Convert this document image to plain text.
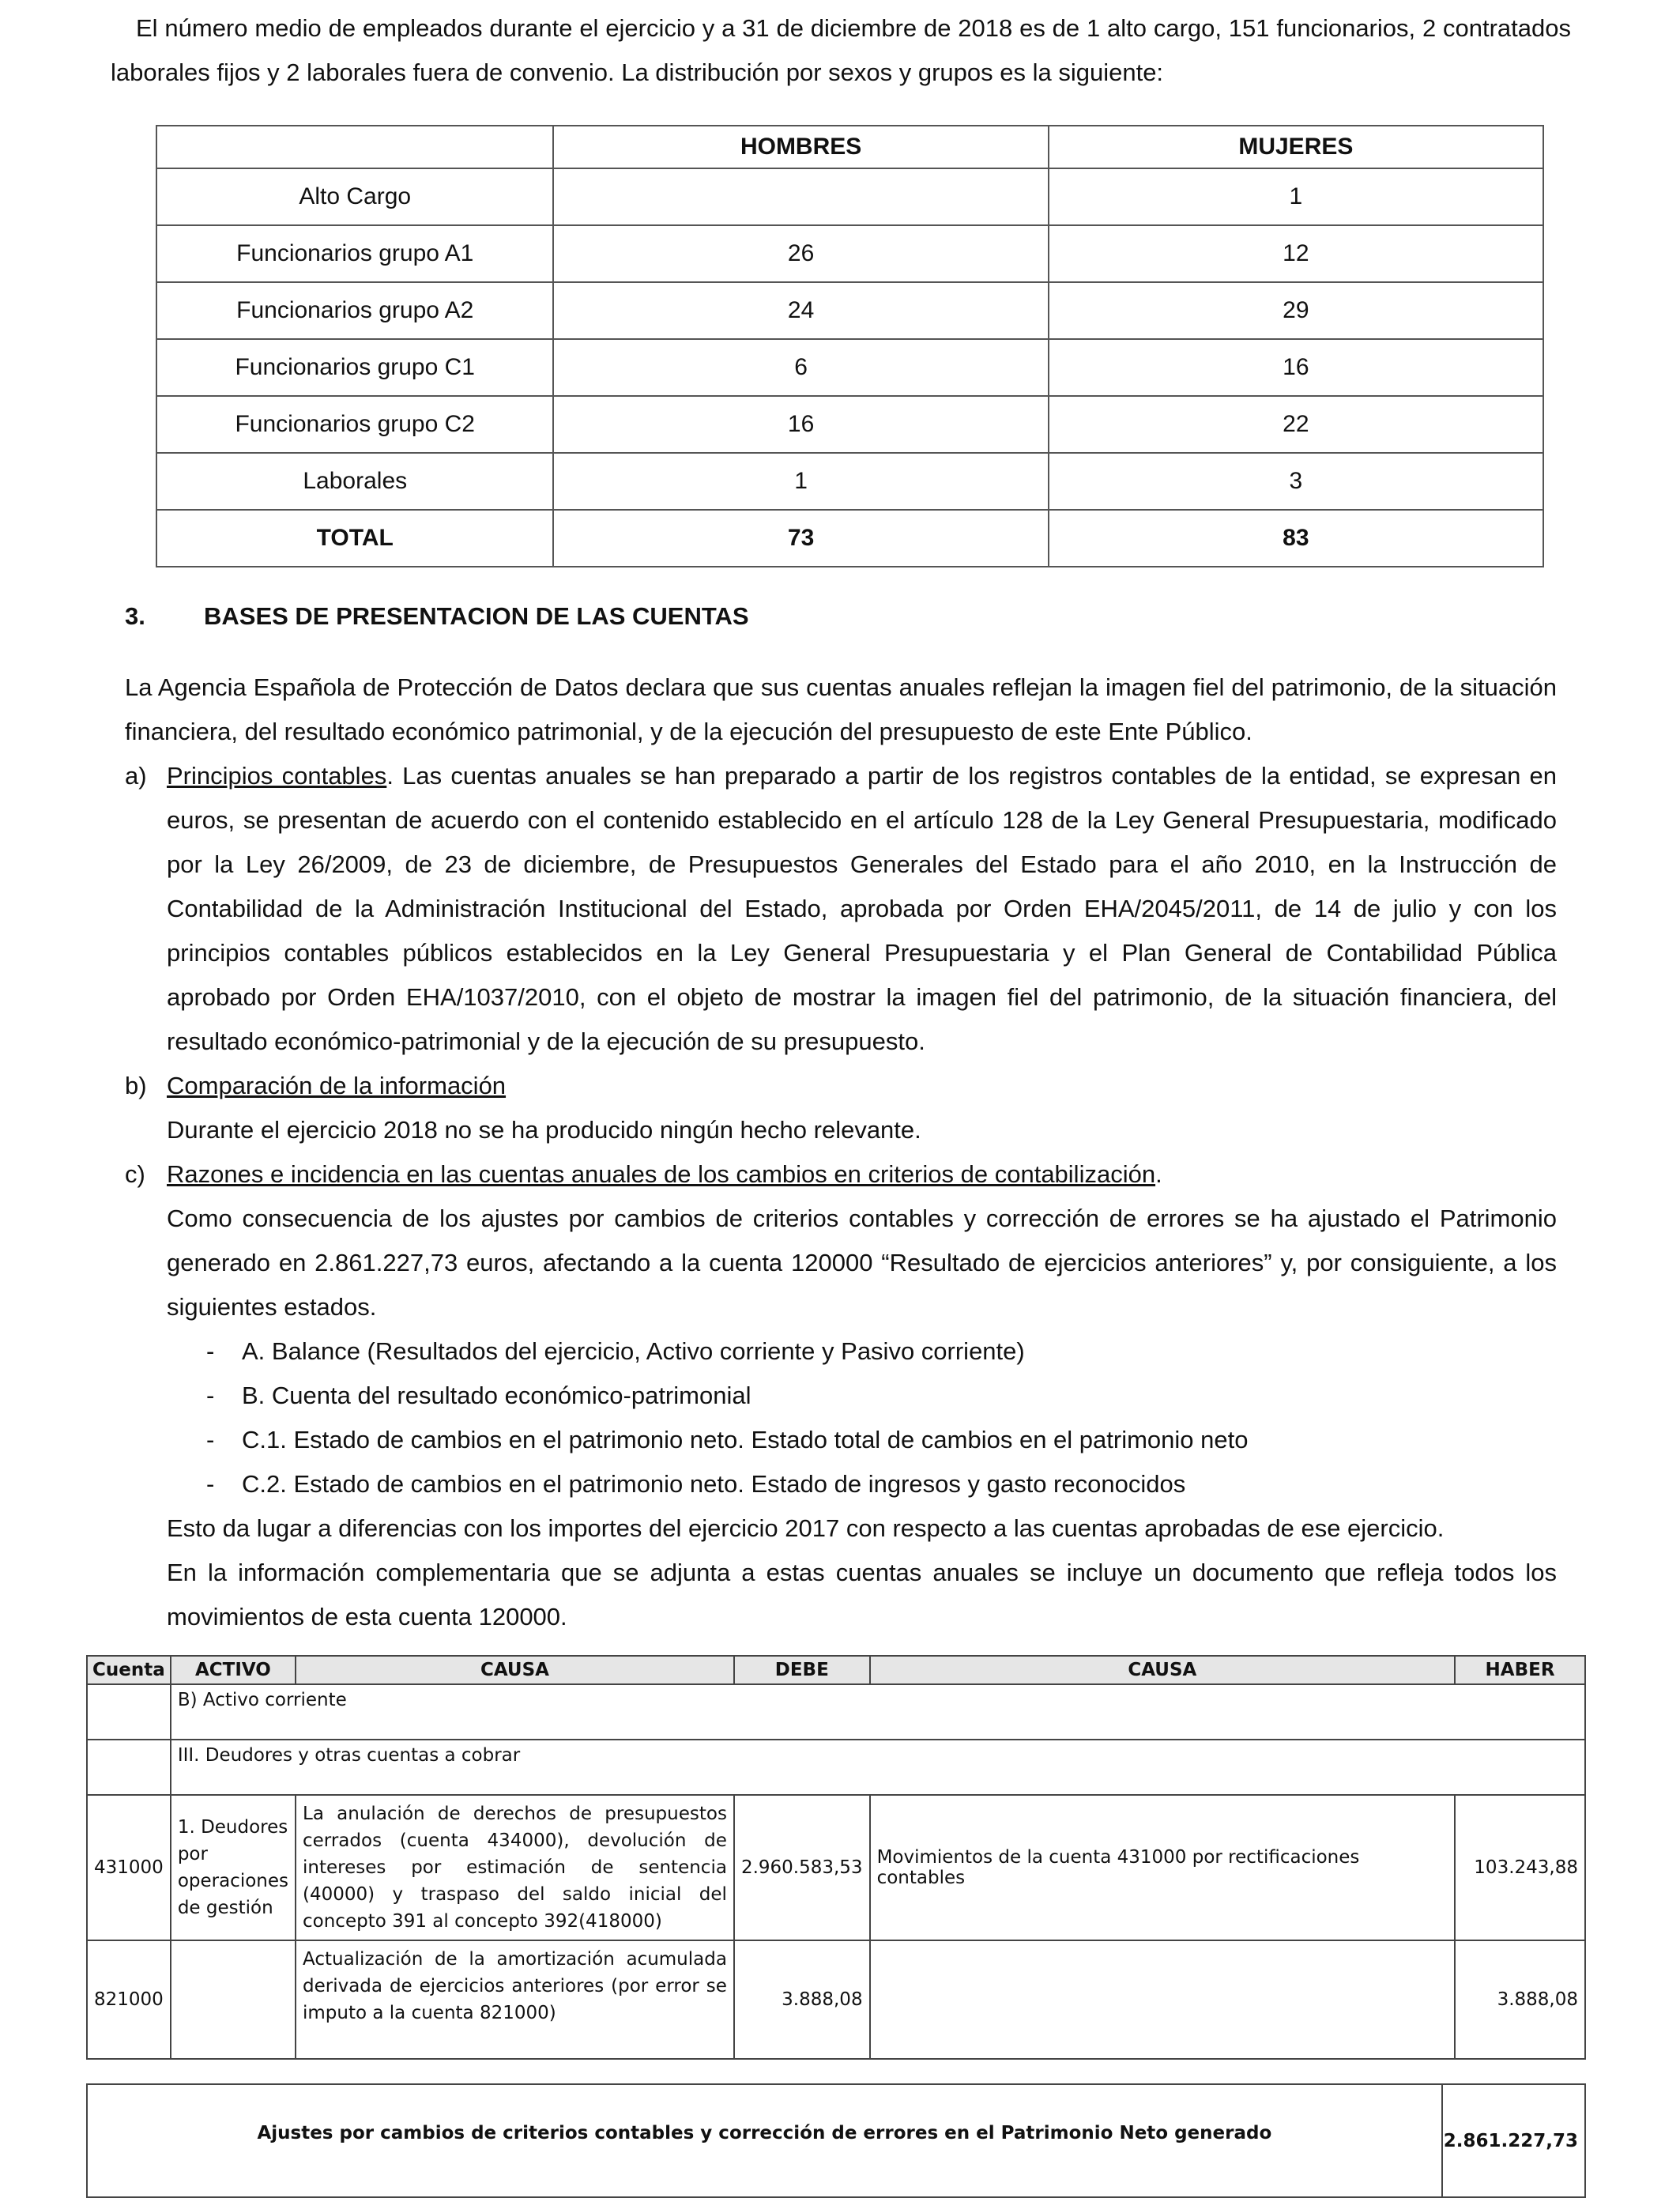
El número medio de empleados durante el ejercicio y a 31 de diciembre de 2018 es de 1 alto cargo, 151 funcionarios, 2 contratados laborales fijos y 2 laborales fuera de convenio. La distribución por sexos y grupos es la siguiente:

	HOMBRES	MUJERES
Alto Cargo		1
Funcionarios grupo A1	26	12
Funcionarios grupo A2	24	29
Funcionarios grupo C1	6	16
Funcionarios grupo C2	16	22
Laborales	1	3
TOTAL	73	83
3. BASES DE PRESENTACION DE LAS CUENTAS

La Agencia Española de Protección de Datos declara que sus cuentas anuales reflejan la imagen fiel del patrimonio, de la situación financiera, del resultado económico patrimonial, y de la ejecución del presupuesto de este Ente Público.

a) Principios contables. Las cuentas anuales se han preparado a partir de los registros contables de la entidad, se expresan en euros, se presentan de acuerdo con el contenido establecido en el artículo 128 de la Ley General Presupuestaria, modificado por la Ley 26/2009, de 23 de diciembre, de Presupuestos Generales del Estado para el año 2010, en la Instrucción de Contabilidad de la Administración Institucional del Estado, aprobada por Orden EHA/2045/2011, de 14 de julio y con los principios contables públicos establecidos en la Ley General Presupuestaria y el Plan General de Contabilidad Pública aprobado por Orden EHA/1037/2010, con el objeto de mostrar la imagen fiel del patrimonio, de la situación financiera, del resultado económico-patrimonial y de la ejecución de su presupuesto.
b) Comparación de la información
Durante el ejercicio 2018 no se ha producido ningún hecho relevante.
c) Razones e incidencia en las cuentas anuales de los cambios en criterios de contabilización.
Como consecuencia de los ajustes por cambios de criterios contables y corrección de errores se ha ajustado el Patrimonio generado en 2.861.227,73 euros, afectando a la cuenta 120000 “Resultado de ejercicios anteriores” y, por consiguiente, a los siguientes estados.
- A. Balance (Resultados del ejercicio, Activo corriente y Pasivo corriente)
- B. Cuenta del resultado económico-patrimonial
- C.1. Estado de cambios en el patrimonio neto. Estado total de cambios en el patrimonio neto
- C.2. Estado de cambios en el patrimonio neto. Estado de ingresos y gasto reconocidos
Esto da lugar a diferencias con los importes del ejercicio 2017 con respecto a las cuentas aprobadas de ese ejercicio.
En la información complementaria que se adjunta a estas cuentas anuales se incluye un documento que refleja todos los movimientos de esta cuenta 120000.
Cuenta	ACTIVO	CAUSA	DEBE	CAUSA	HABER
	B) Activo corriente				
	III. Deudores y otras cuentas a cobrar				
431000	1. Deudores por operaciones de gestión	La anulación de derechos de presupuestos cerrados (cuenta 434000), devolución de intereses por estimación de sentencia (40000) y traspaso del saldo inicial del concepto 391 al concepto 392(418000)	2.960.583,53	Movimientos de la cuenta 431000 por rectificaciones contables	103.243,88
821000		Actualización de la amortización acumulada derivada de ejercicios anteriores (por error se imputo a la cuenta 821000)	3.888,08		3.888,08
Ajustes por cambios de criterios contables y corrección de errores en el Patrimonio Neto generado	2.861.227,73
